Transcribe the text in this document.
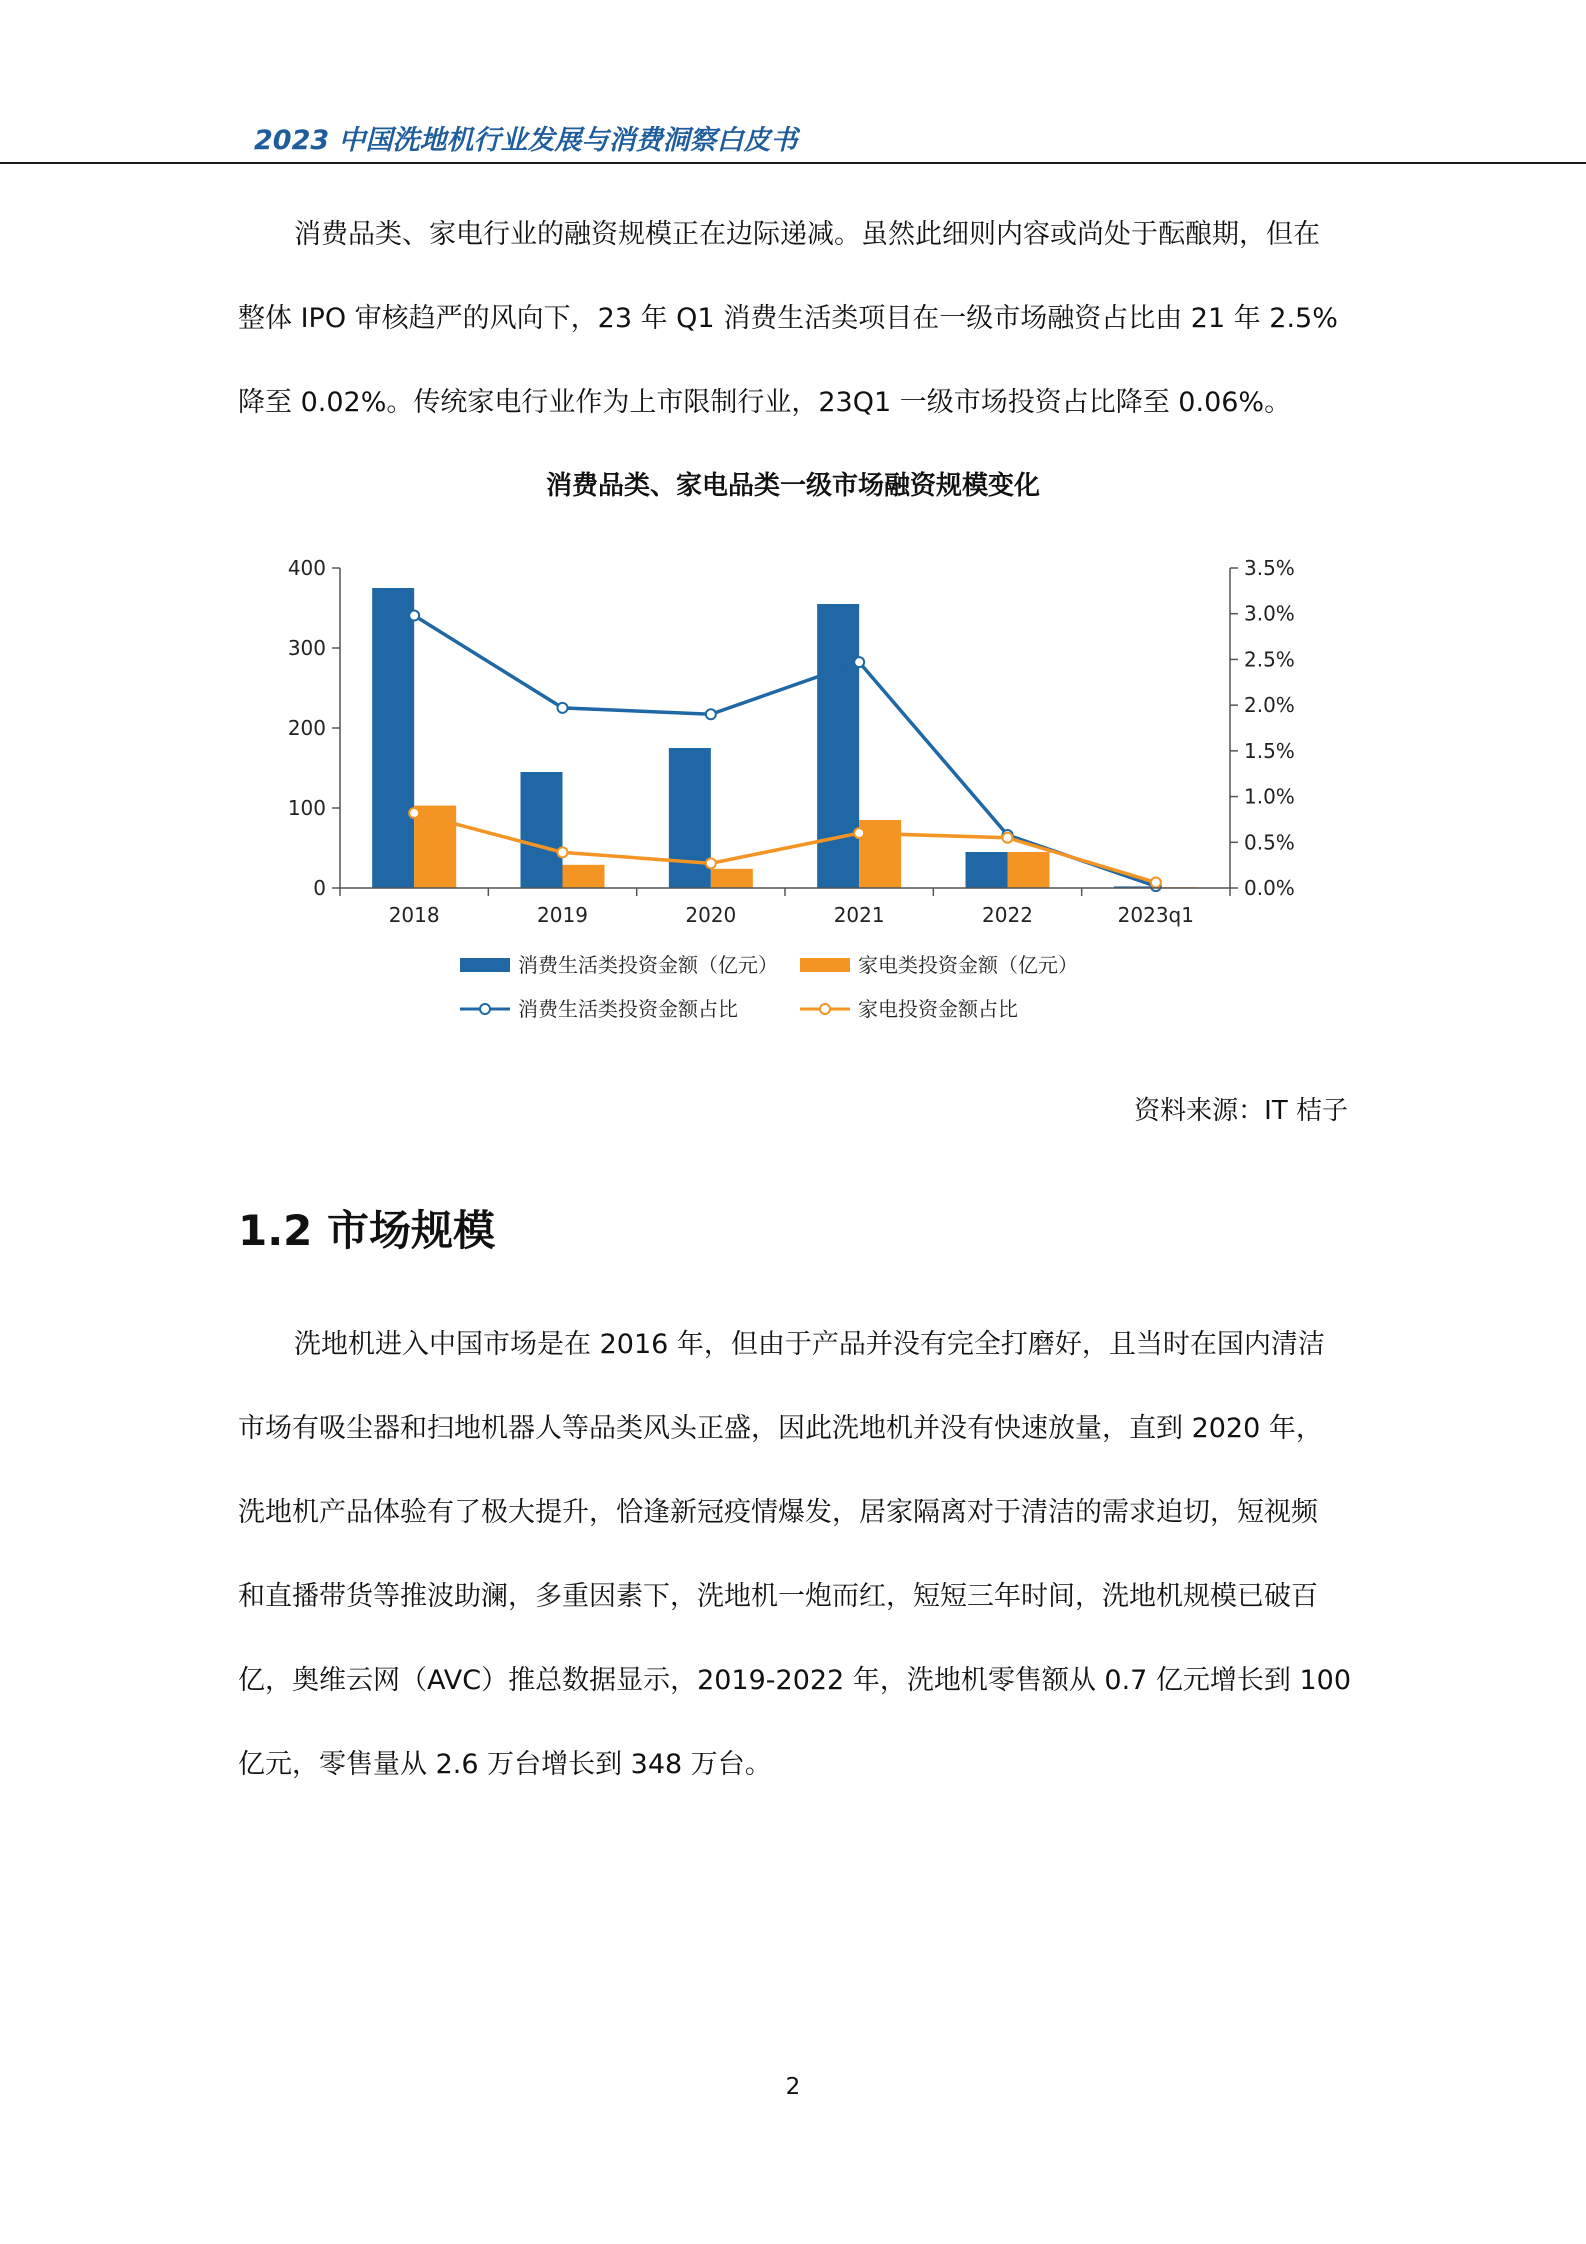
2023 中国洗地机行业发展与消费洞察白皮书
消费品类、家电行业的融资规模正在边际递减。虽然此细则内容或尚处于酝酿期，但在
整体 IPO 审核趋严的风向下，23 年 Q1 消费生活类项目在一级市场融资占比由 21 年 2.5%
降至 0.02%。传统家电行业作为上市限制行业，23Q1 一级市场投资占比降至 0.06%。
消费品类、家电品类一级市场融资规模变化
0
100
200
300
400
0.0%
0.5%
1.0%
1.5%
2.0%
2.5%
3.0%
3.5%
2018	2019	2020	2021	2022	2023q1
消费生活类投资金额（亿元）	家电类投资金额（亿元）
消费生活类投资金额占比	家电投资金额占比
资料来源：IT 桔子
1.2 市场规模
洗地机进入中国市场是在 2016 年，但由于产品并没有完全打磨好，且当时在国内清洁
市场有吸尘器和扫地机器人等品类风头正盛，因此洗地机并没有快速放量，直到 2020 年，
洗地机产品体验有了极大提升，恰逢新冠疫情爆发，居家隔离对于清洁的需求迫切，短视频
和直播带货等推波助澜，多重因素下，洗地机一炮而红，短短三年时间，洗地机规模已破百
亿，奥维云网（AVC）推总数据显示，2019-2022 年，洗地机零售额从 0.7 亿元增长到 100
亿元，零售量从 2.6 万台增长到 348 万台。
2
